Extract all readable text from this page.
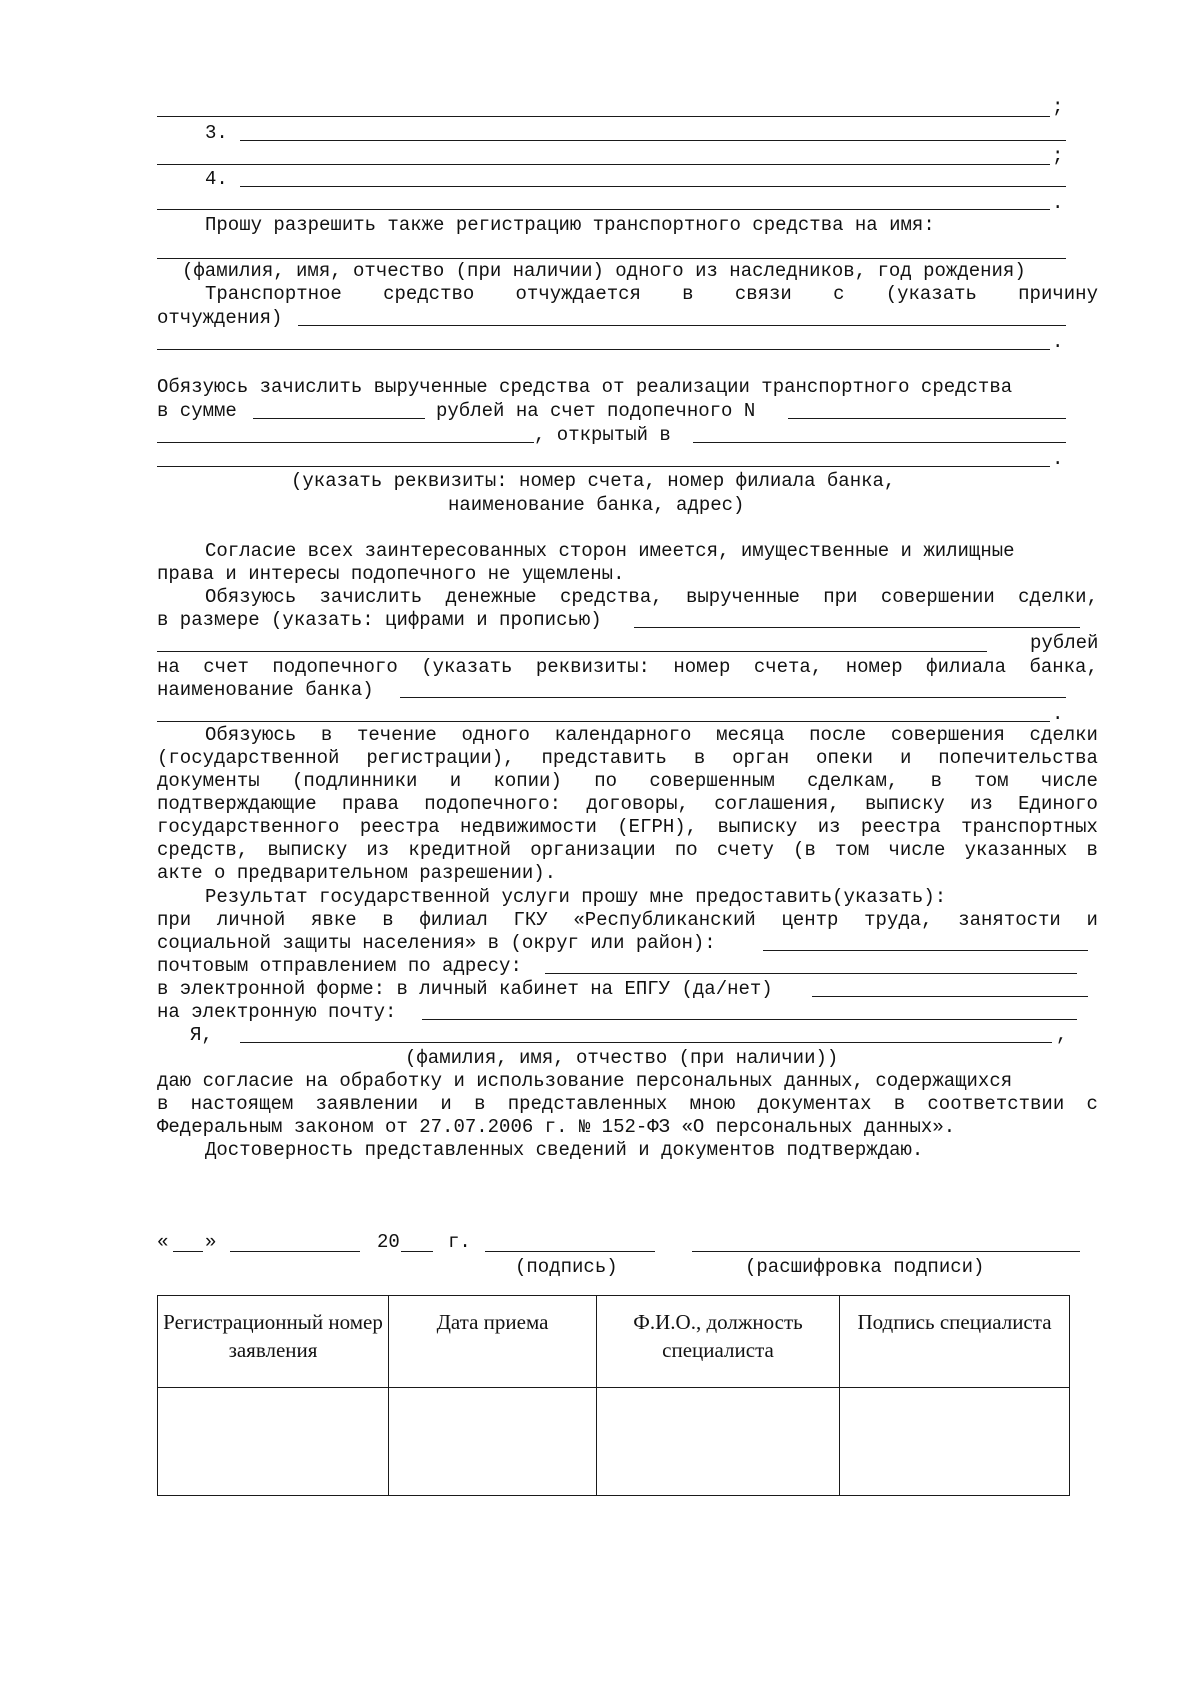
;
3.
;
4.
.
Прошу разрешить также регистрацию транспортного средства на имя:
(фамилия, имя, отчество (при наличии) одного из наследников, год рождения)
Транспортное средство отчуждается в связи с (указать причину
отчуждения)
.
Обязуюсь зачислить вырученные средства от реализации транспортного средства
в сумме	рублей на счет подопечного N
, открытый в
.
(указать реквизиты: номер счета, номер филиала банка,
наименование банка, адрес)
Согласие всех заинтересованных сторон имеется, имущественные и жилищные
права и интересы подопечного не ущемлены.
Обязуюсь зачислить денежные средства, выручeнные при совершении сделки,
в размере (указать: цифрами и прописью)
рублей
на счет подопечного (указать реквизиты: номер счета, номер филиала банка,
наименование банка)
.
Обязуюсь в течение одного календарного месяца после совершения сделки
(государственной регистрации), представить в орган опеки и попечительства
документы (подлинники и копии) по совершенным сделкам, в том числе
подтверждающие права подопечного: договоры, соглашения, выписку из Единого
государственного реестра недвижимости (ЕГРН), выписку из реестра транспортных
средств, выписку из кредитной организации по счету (в том числе указанных в
акте о предварительном разрешении).
Результат государственной услуги прошу мне предоставить(указать):
при личной явке в филиал ГКУ «Республиканский центр труда, занятости и
социальной защиты населения» в (округ или район):
почтовым отправлением по адресу:
в электронной форме: в личный кабинет на ЕПГУ (да/нет)
на электронную почту:
Я,	,
(фамилия, имя, отчество (при наличии))
даю согласие на обработку и использование персональных данных, содержащихся
в настоящем заявлении и в представленных мною документах в соответствии с
Федеральным законом от 27.07.2006 г. № 152-ФЗ «О персональных данных».
Достоверность представленных сведений и документов подтверждаю.
« »	20	г.
(подпись)	(расшифровка подписи)
Регистрационный номер заявления	Дата приема	Ф.И.О., должность специалиста	Подпись специалиста
